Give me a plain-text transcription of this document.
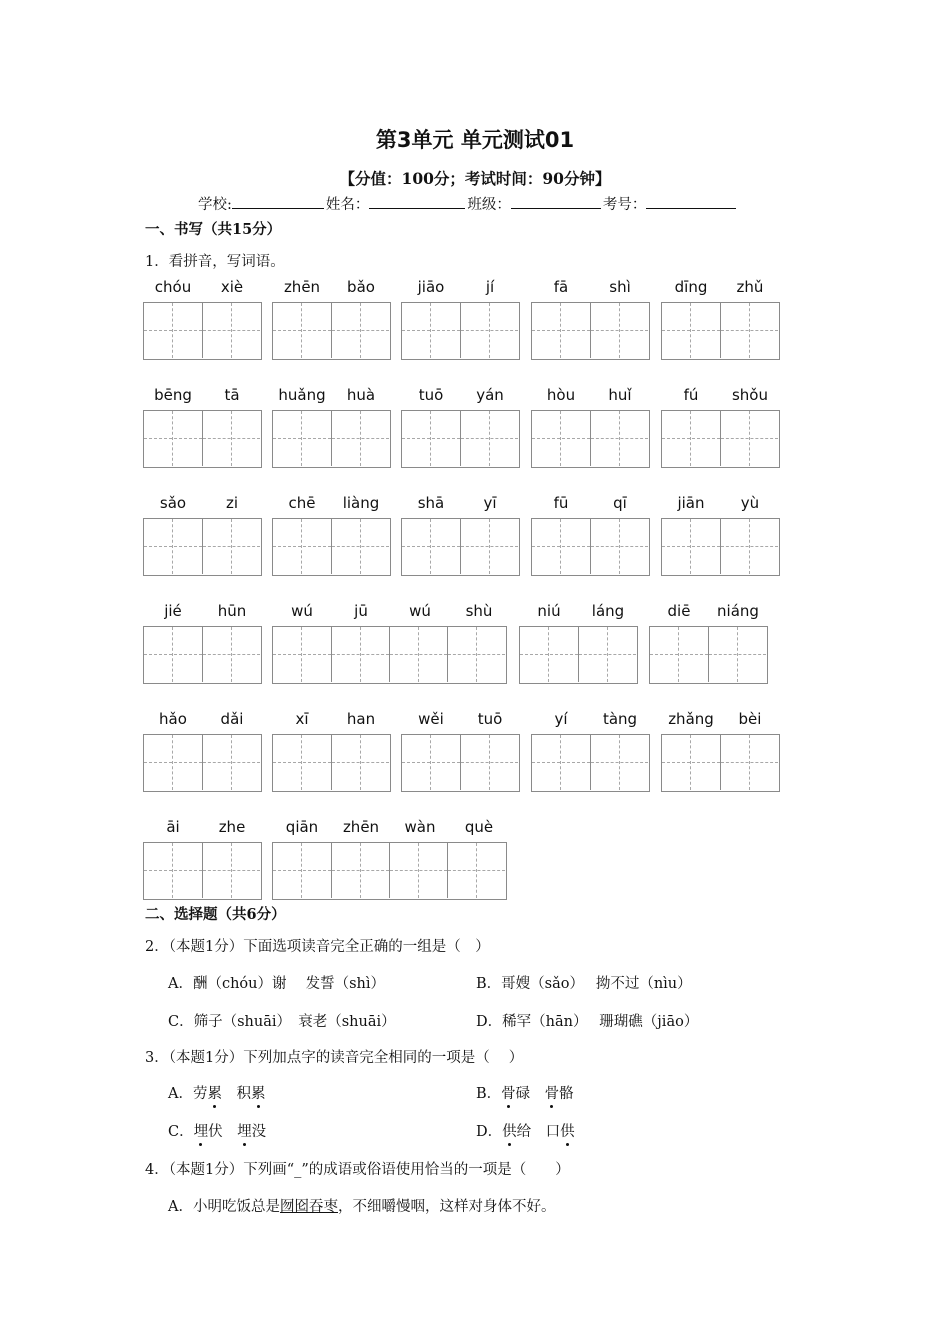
第3单元 单元测试01
【分值：100分；考试时间：90分钟】
学校:	姓名：	班级：	考号：
一、书写（共15分）
1．看拼音，写词语。
chóu	xiè	zhēn	bǎo	jiāo	jí	fā	shì	dīng	zhǔ
bēng	tā	huǎng	huà	tuō	yán	hòu	huǐ	fú	shǒu
sǎo	zi	chē	liàng	shā	yī	fū	qī	jiān	yù
jié	hūn	wú	jū	wú	shù	niú	láng	diē	niáng
hǎo	dǎi	xī	han	wěi	tuō	yí	tàng	zhǎng	bèi
āi	zhe	qiān	zhēn	wàn	què
二、选择题（共6分）
2．（本题1分）下面选项读音完全正确的一组是（　）
A．酬（chóu）谢　 发誓（shì）	B．哥嫂（sǎo）　 拗不过（nìu）
C．筛子（shuāi）　衰老（shuāi）	D．稀罕（hān）　 珊瑚礁（jiāo）
3．（本题1分）下列加点字的读音完全相同的一项是（　 ）
A．劳累　 积累	B．骨碌　 骨骼
C．埋伏　 埋没	D．供给　 口供
4．（本题1分）下列画“_”的成语或俗语使用恰当的一项是（　　）
A．小明吃饭总是囫囵吞枣，不细嚼慢咽，这样对身体不好。
